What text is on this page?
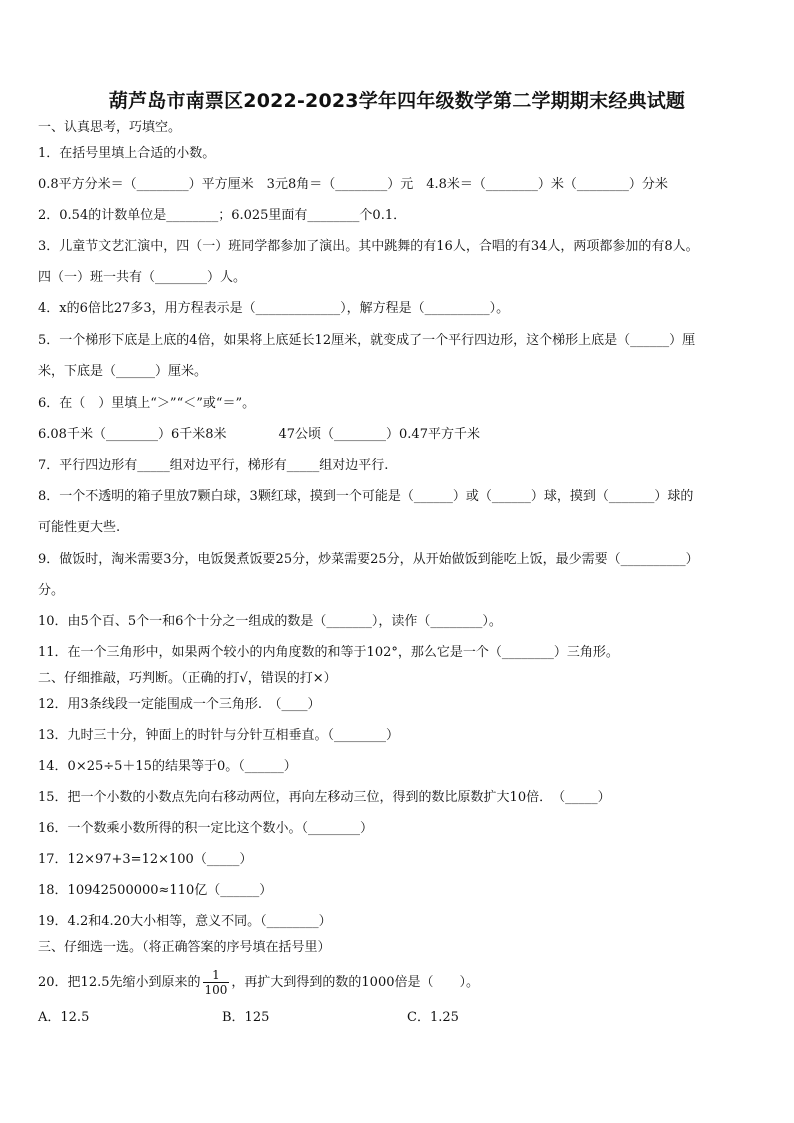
葫芦岛市南票区2022-2023学年四年级数学第二学期期末经典试题
一、认真思考，巧填空。
1．在括号里填上合适的小数。
0.8平方分米＝（________）平方厘米　3元8角＝（________）元　4.8米＝（________）米（________）分米
2．0.54的计数单位是________；6.025里面有________个0.1．
3．儿童节文艺汇演中，四（一）班同学都参加了演出。其中跳舞的有16人，合唱的有34人，两项都参加的有8人。
四（一）班一共有（________）人。
4．x的6倍比27多3，用方程表示是（_____________），解方程是（__________）。
5．一个梯形下底是上底的4倍，如果将上底延长12厘米，就变成了一个平行四边形，这个梯形上底是（______）厘
米，下底是（______）厘米。
6．在（　）里填上“＞”“＜”或“＝”。
6.08千米（________）6千米8米　　　　47公顷（________）0.47平方千米
7．平行四边形有_____组对边平行，梯形有_____组对边平行.
8．一个不透明的箱子里放7颗白球，3颗红球，摸到一个可能是（______）或（______）球，摸到（_______）球的
可能性更大些.
9．做饭时，淘米需要3分，电饭煲煮饭要25分，炒菜需要25分，从开始做饭到能吃上饭，最少需要（__________）
分。
10．由5个百、5个一和6个十分之一组成的数是（_______），读作（________）。
11．在一个三角形中，如果两个较小的内角度数的和等于102°，那么它是一个（________）三角形。
二、仔细推敲，巧判断。（正确的打√，错误的打×）
12．用3条线段一定能围成一个三角形.　（____）
13．九时三十分，钟面上的时针与分针互相垂直。（________）
14．0×25÷5＋15的结果等于0。（______）
15．把一个小数的小数点先向右移动两位，再向左移动三位，得到的数比原数扩大10倍．　（_____）
16．一个数乘小数所得的积一定比这个数小。（________）
17．12×97+3=12×100（_____）
18．10942500000≈110亿（______）
19．4.2和4.20大小相等，意义不同。（________）
三、仔细选一选。（将正确答案的序号填在括号里）
20．把12.5先缩小到原来的 $\frac{1}{100}$ ，再扩大到得到的数的1000倍是（　　）。
A．12.5	B．125	C．1.25
